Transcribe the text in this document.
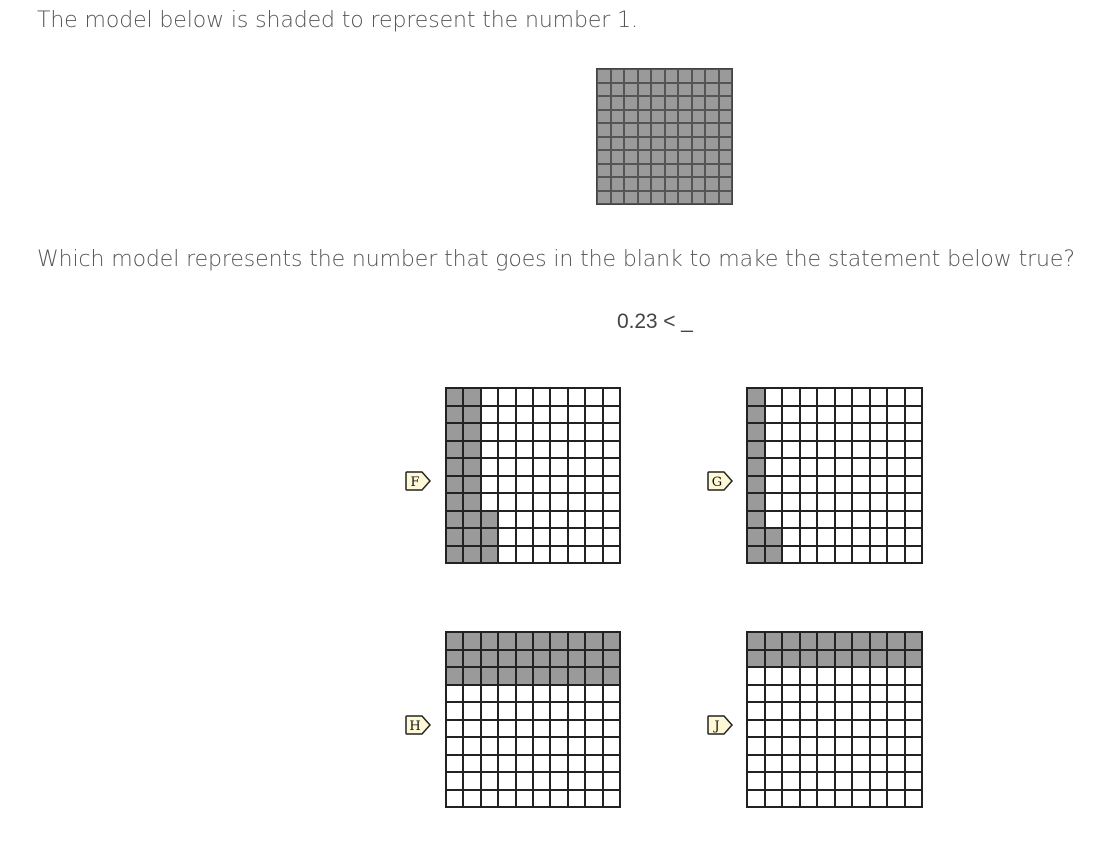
The model below is shaded to represent the number 1.
Which model represents the number that goes in the blank to make the statement below true?
0.23 < _
F	G
H	J
